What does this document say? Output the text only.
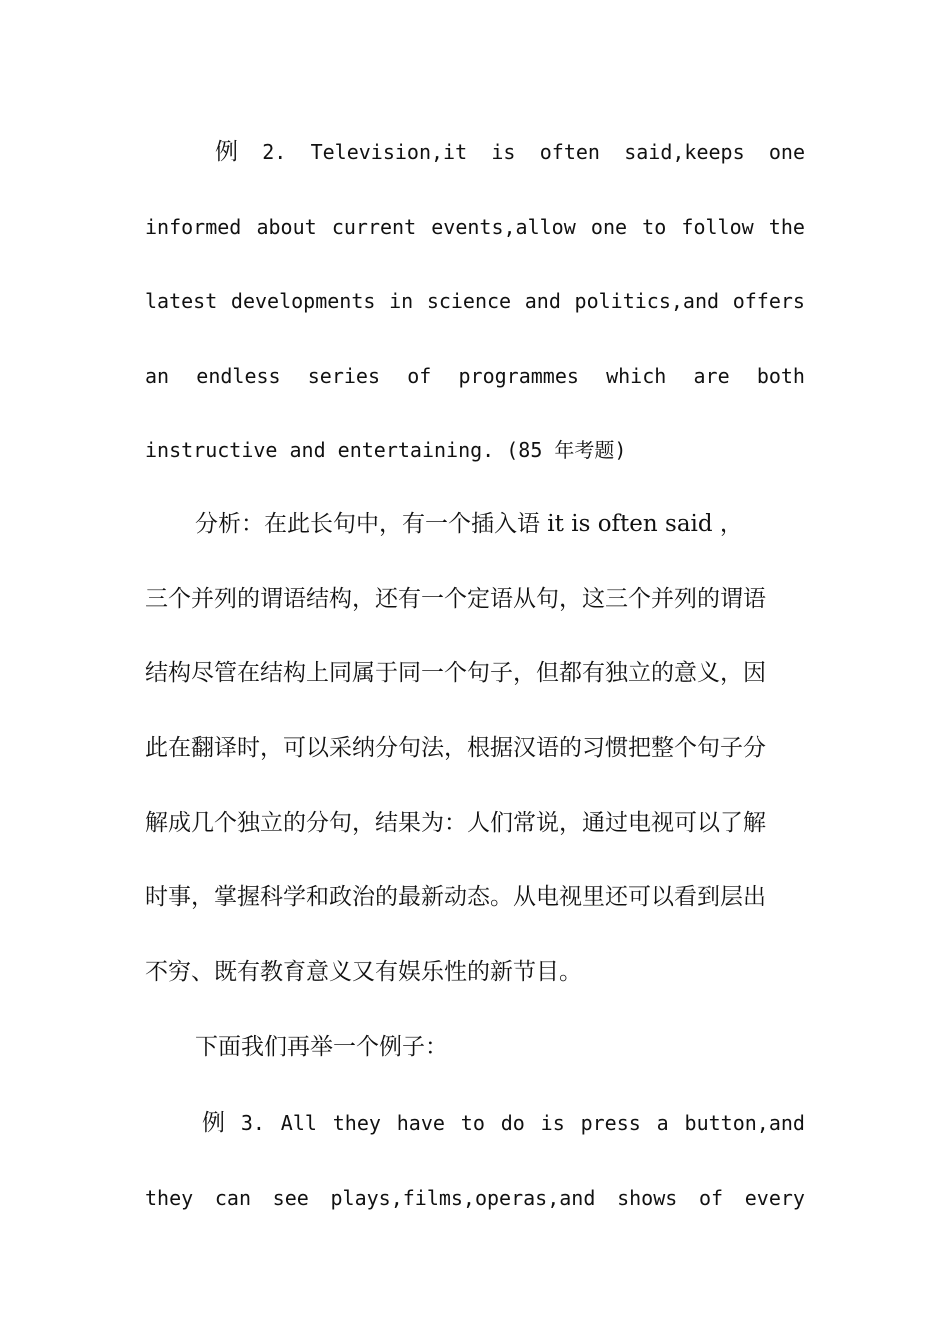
例 2. Television,it is often said,keeps one
informed about current events,allow one to follow the
latest developments in science and politics,and offers
an endless series of programmes which are both
instructive and entertaining. (85 年考题)
分析：在此长句中，有一个插入语 it is often said ，
三个并列的谓语结构，还有一个定语从句，这三个并列的谓语
结构尽管在结构上同属于同一个句子，但都有独立的意义，因
此在翻译时，可以采纳分句法，根据汉语的习惯把整个句子分
解成几个独立的分句，结果为：人们常说，通过电视可以了解
时事，掌握科学和政治的最新动态。从电视里还可以看到层出
不穷、既有教育意义又有娱乐性的新节目。
下面我们再举一个例子：
例 3. All they have to do is press a button,and
they can see plays,films,operas,and shows of every
